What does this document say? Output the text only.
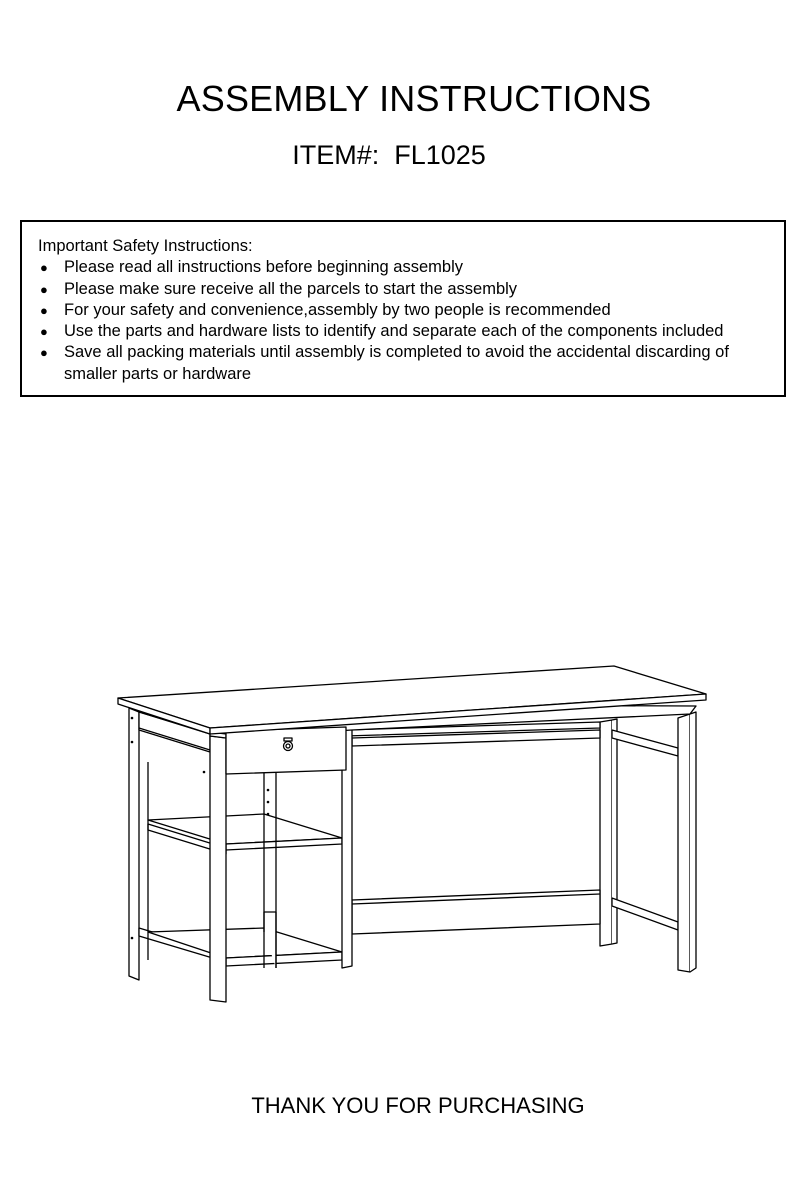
ASSEMBLY INSTRUCTIONS
ITEM#:  FL1025
Important Safety Instructions:
● Please read all instructions before beginning assembly
● Please make sure receive all the parcels to start the assembly
● For your safety and convenience,assembly by two people is recommended
● Use the parts and hardware lists to identify and separate each of the components included
● Save all packing materials until assembly is completed to avoid the accidental discarding of smaller parts or hardware
THANK YOU FOR PURCHASING
